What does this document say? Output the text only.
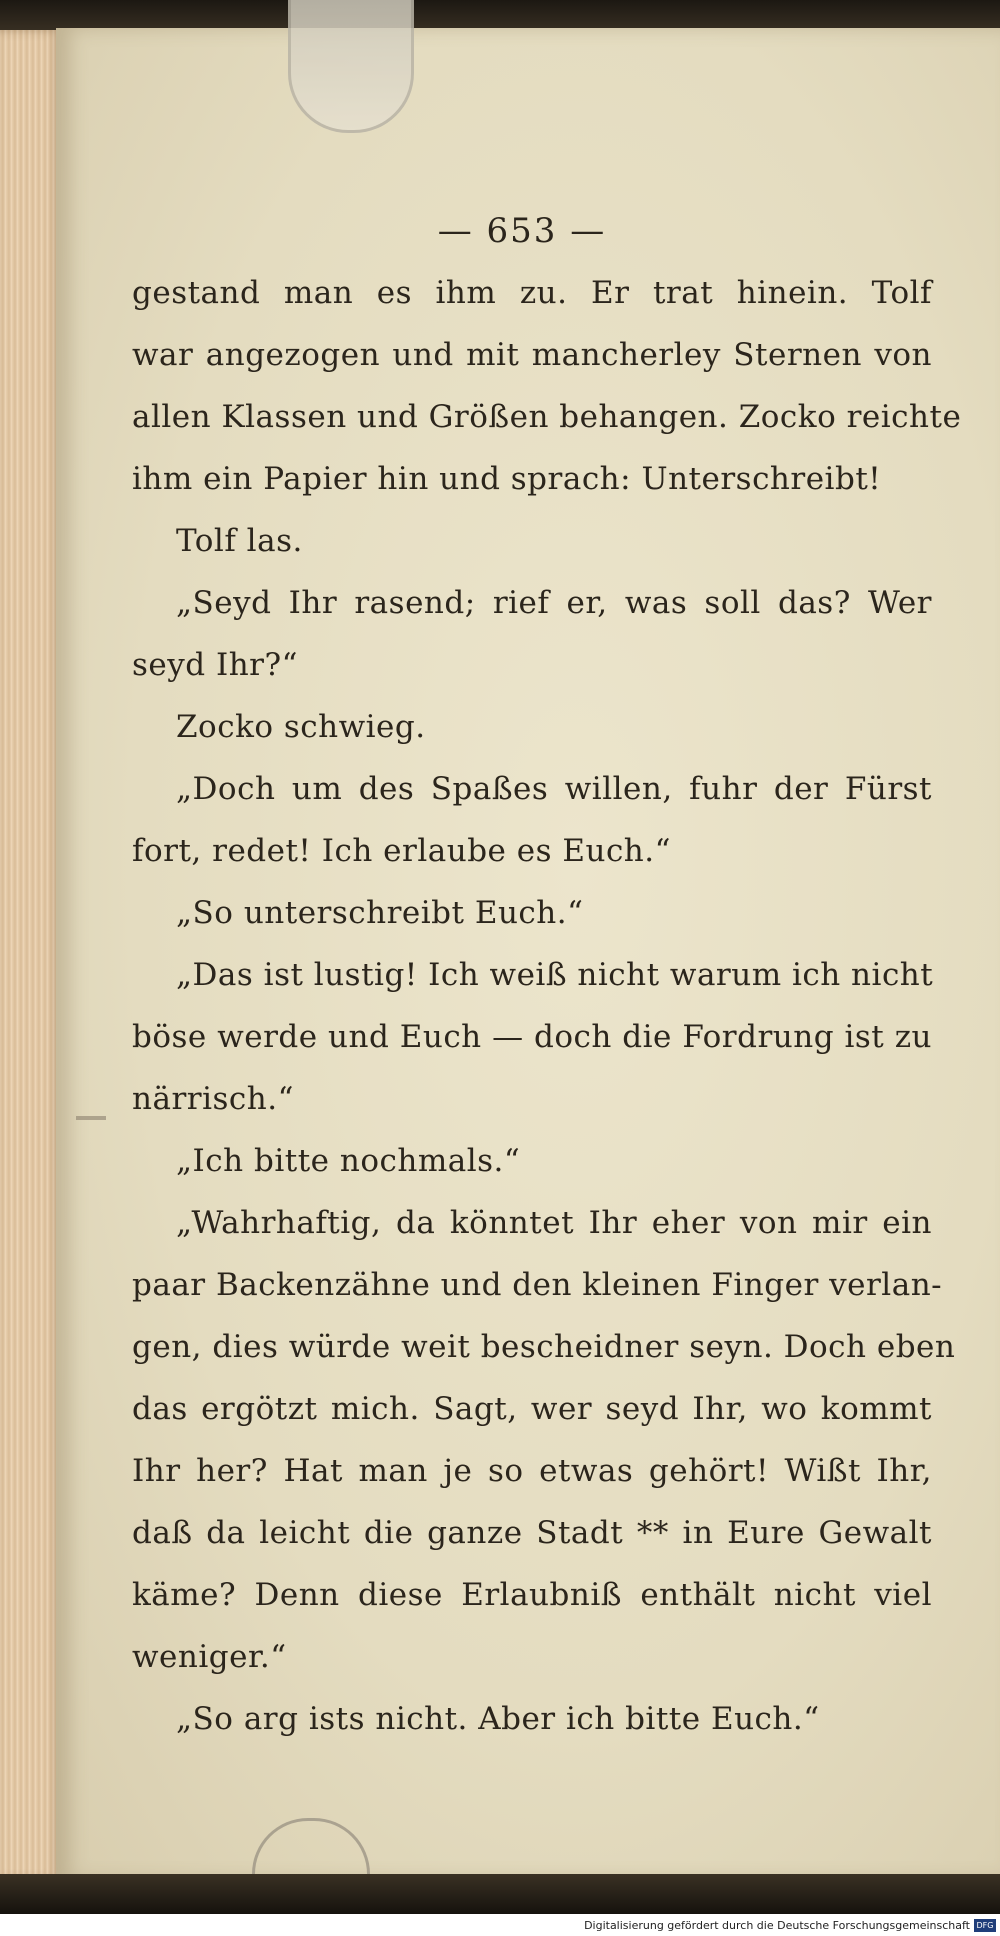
— 653 —
gestand man es ihm zu. Er trat hinein. Tolf
war angezogen und mit mancherley Sternen von
allen Klassen und Größen behangen. Zocko reichte
ihm ein Papier hin und sprach: Unterschreibt!
Tolf las.
„Seyd Ihr rasend; rief er, was soll das? Wer
seyd Ihr?“
Zocko schwieg.
„Doch um des Spaßes willen, fuhr der Fürst
fort, redet! Ich erlaube es Euch.“
„So unterschreibt Euch.“
„Das ist lustig! Ich weiß nicht warum ich nicht
böse werde und Euch — doch die Fordrung ist zu
närrisch.“
„Ich bitte nochmals.“
„Wahrhaftig, da könntet Ihr eher von mir ein
paar Backenzähne und den kleinen Finger verlan-
gen, dies würde weit bescheidner seyn. Doch eben
das ergötzt mich. Sagt, wer seyd Ihr, wo kommt
Ihr her? Hat man je so etwas gehört! Wißt Ihr,
daß da leicht die ganze Stadt ** in Eure Gewalt
käme? Denn diese Erlaubniß enthält nicht viel
weniger.“
„So arg ists nicht. Aber ich bitte Euch.“
Digitalisierung gefördert durch die Deutsche Forschungsgemeinschaft DFG
